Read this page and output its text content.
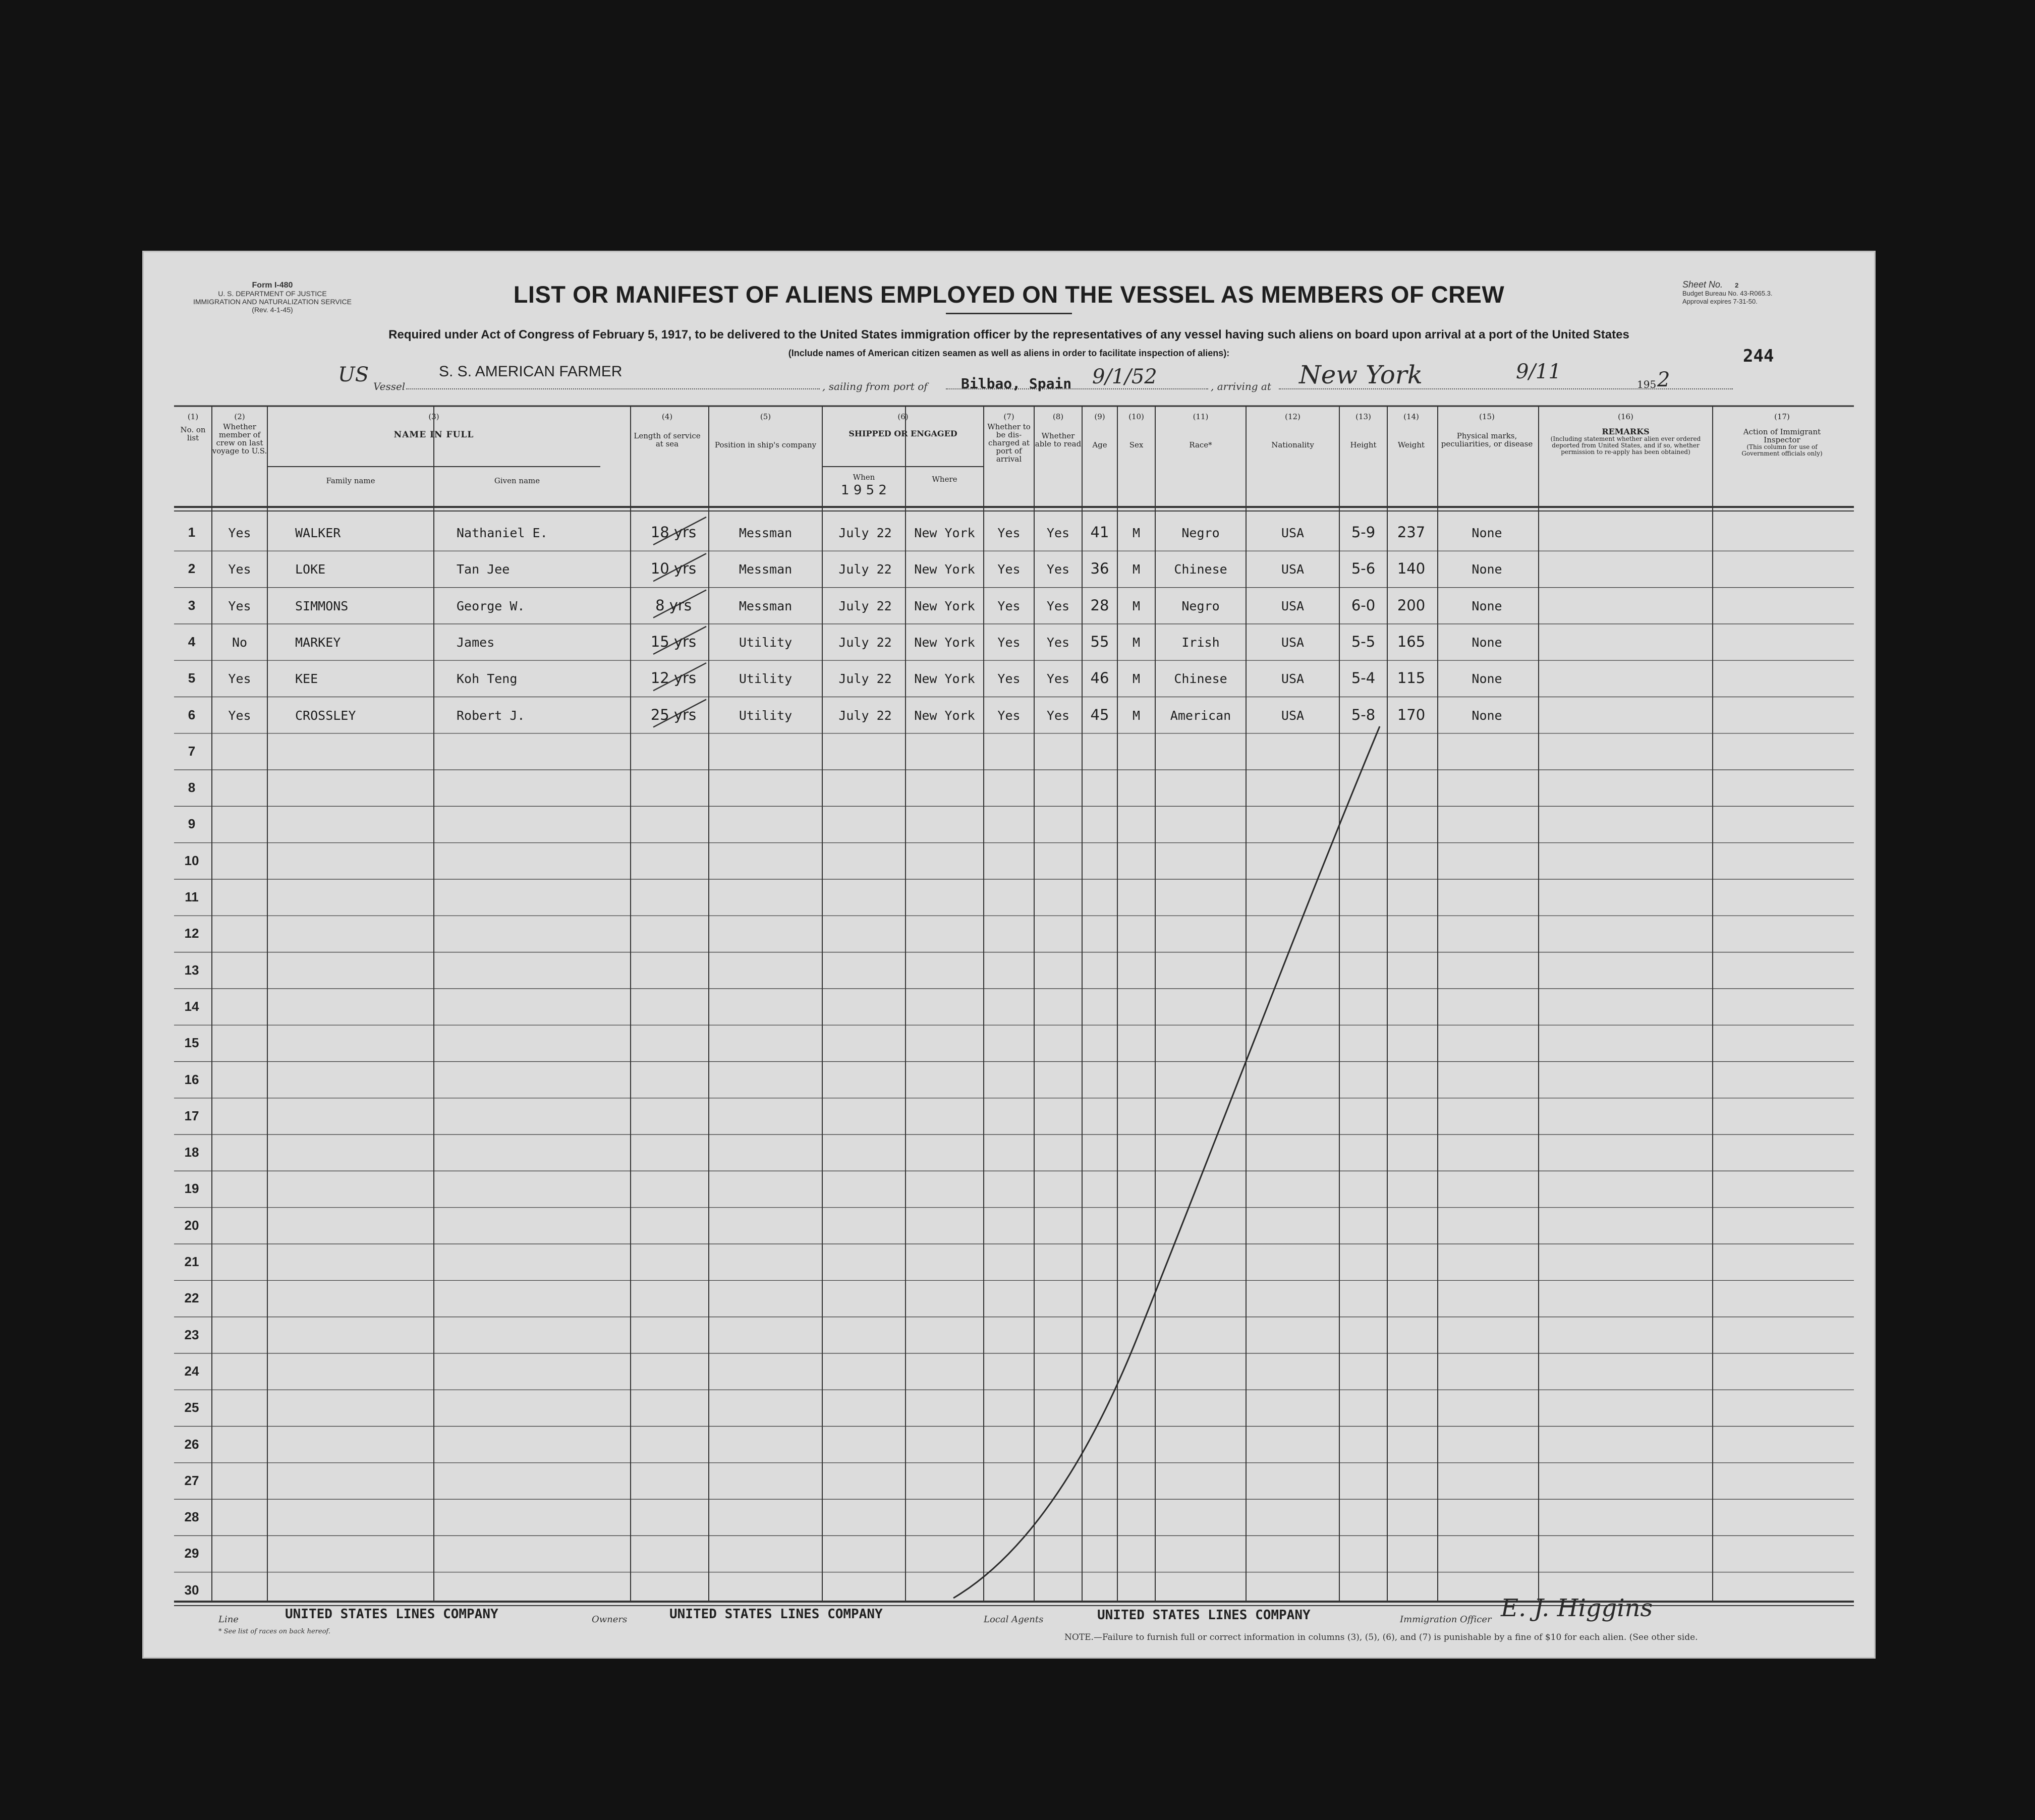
Form I-480
U. S. DEPARTMENT OF JUSTICE
IMMIGRATION AND NATURALIZATION SERVICE
(Rev. 4-1-45)
Sheet No. 2
Budget Bureau No. 43-R065.3.
Approval expires 7-31-50.
244
LIST OR MANIFEST OF ALIENS EMPLOYED ON THE VESSEL AS MEMBERS OF CREW
Required under Act of Congress of February 5, 1917, to be delivered to the United States immigration officer by the representatives of any vessel having such aliens on board upon arrival at a port of the United States
(Include names of American citizen seamen as well as aliens in order to facilitate inspection of aliens):
US Vessel
S. S. AMERICAN FARMER
, sailing from port of Bilbao, Spain 9/1/52	, arriving at New York	9/11
195 2
(1)
No. on list
(2)
Whether member of crew on last voyage to U.S.
(3)
NAME IN FULL
Family name	Given name
(4)
Length of service at sea
(5)
Position in ship's company
(6)
SHIPPED OR ENGAGED
When
1 9 5 2
Where
(7)
Whether to be dis-charged at port of arrival
(8)
Whether able to read
(9)
Age
(10)
Sex
(11)
Race*
(12)
Nationality
(13)
Height
(14)
Weight
(15)
Physical marks, peculiarities, or disease
(16)
REMARKS
(Including statement whether alien ever ordered deported from United States, and if so, whether permission to re-apply has been obtained)
(17)
Action of Immigrant Inspector
(This column for use of Government officials only)
1	Yes	WALKER	Nathaniel E.	18 yrs	Messman	July 22	New York	Yes	Yes	41	M	Negro	USA	5-9	237	None
2	Yes	LOKE	Tan Jee	10 yrs	Messman	July 22	New York	Yes	Yes	36	M	Chinese	USA	5-6	140	None
3	Yes	SIMMONS	George W.	8 yrs	Messman	July 22	New York	Yes	Yes	28	M	Negro	USA	6-0	200	None
4	No	MARKEY	James	15 yrs	Utility	July 22	New York	Yes	Yes	55	M	Irish	USA	5-5	165	None
5	Yes	KEE	Koh Teng	12 yrs	Utility	July 22	New York	Yes	Yes	46	M	Chinese	USA	5-4	115	None
6	Yes	CROSSLEY	Robert J.	25 yrs	Utility	July 22	New York	Yes	Yes	45	M	American	USA	5-8	170	None
7
8
9
10
11
12
13
14
15
16
17
18
19
20
21
22
23
24
25
26
27
28
29
30
Line	UNITED STATES LINES COMPANY	Owners	UNITED STATES LINES COMPANY	Local Agents	UNITED STATES LINES COMPANY	Immigration Officer E. J. Higgins
* See list of races on back hereof.
NOTE.—Failure to furnish full or correct information in columns (3), (5), (6), and (7) is punishable by a fine of $10 for each alien. (See other side.
